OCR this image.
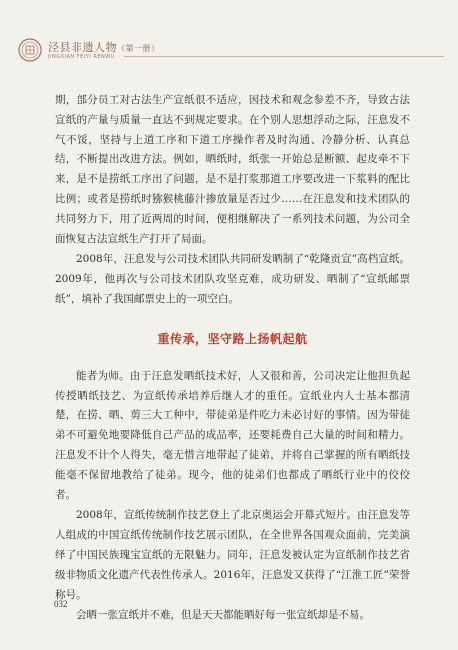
泾县非遗人物（第一册）
JINGXIAN FEIYI RENWU

期，部分员工对古法生产宣纸很不适应，因技术和观念参差不齐，导致古法宣纸的产量与质量一直达不到规定要求。在个别人思想浮动之际，汪息发不气不馁，坚持与上道工序和下道工序操作者及时沟通、冷静分析、认真总结，不断提出改进方法。例如，晒纸时，纸张一开始总是断额、起皮牵不下来，是不是捞纸工序出了问题，是不是打浆那道工序要改进一下浆料的配比比例；或者是捞纸时猕猴桃藤汁掺放量是否过少……在汪息发和技术团队的共同努力下，用了近两周的时间，便相继解决了一系列技术问题，为公司全面恢复古法宣纸生产打开了局面。

2008年，汪息发与公司技术团队共同研发晒制了“乾隆贡宣”高档宣纸。2009年，他再次与公司技术团队攻坚克难，成功研发、晒制了“宣纸邮票纸”，填补了我国邮票史上的一项空白。

重传承，坚守路上扬帆起航

能者为师。由于汪息发晒纸技术好，人又很和善，公司决定让他担负起传授晒纸技艺、为宣纸传承培养后继人才的重任。宣纸业内人士基本都清楚，在捞、晒、剪三大工种中，带徒弟是件吃力未必讨好的事情。因为带徒弟不可避免地要降低自己产品的成品率，还要耗费自己大量的时间和精力。汪息发不计个人得失，毫无惜言地带起了徒弟，并将自己掌握的所有晒纸技能毫不保留地教给了徒弟。现今，他的徒弟们也都成了晒纸行业中的佼佼者。

2008年，宣纸传统制作技艺登上了北京奥运会开幕式短片。由汪息发等人组成的中国宣纸传统制作技艺展示团队，在全世界各国观众面前，完美演绎了中国民族瑰宝宣纸的无限魅力。同年，汪息发被认定为宣纸制作技艺省级非物质文化遗产代表性传承人。2016年，汪息发又获得了“江淮工匠”荣誉称号。

会晒一张宣纸并不难，但是天天都能晒好每一张宣纸却是不易。

032
